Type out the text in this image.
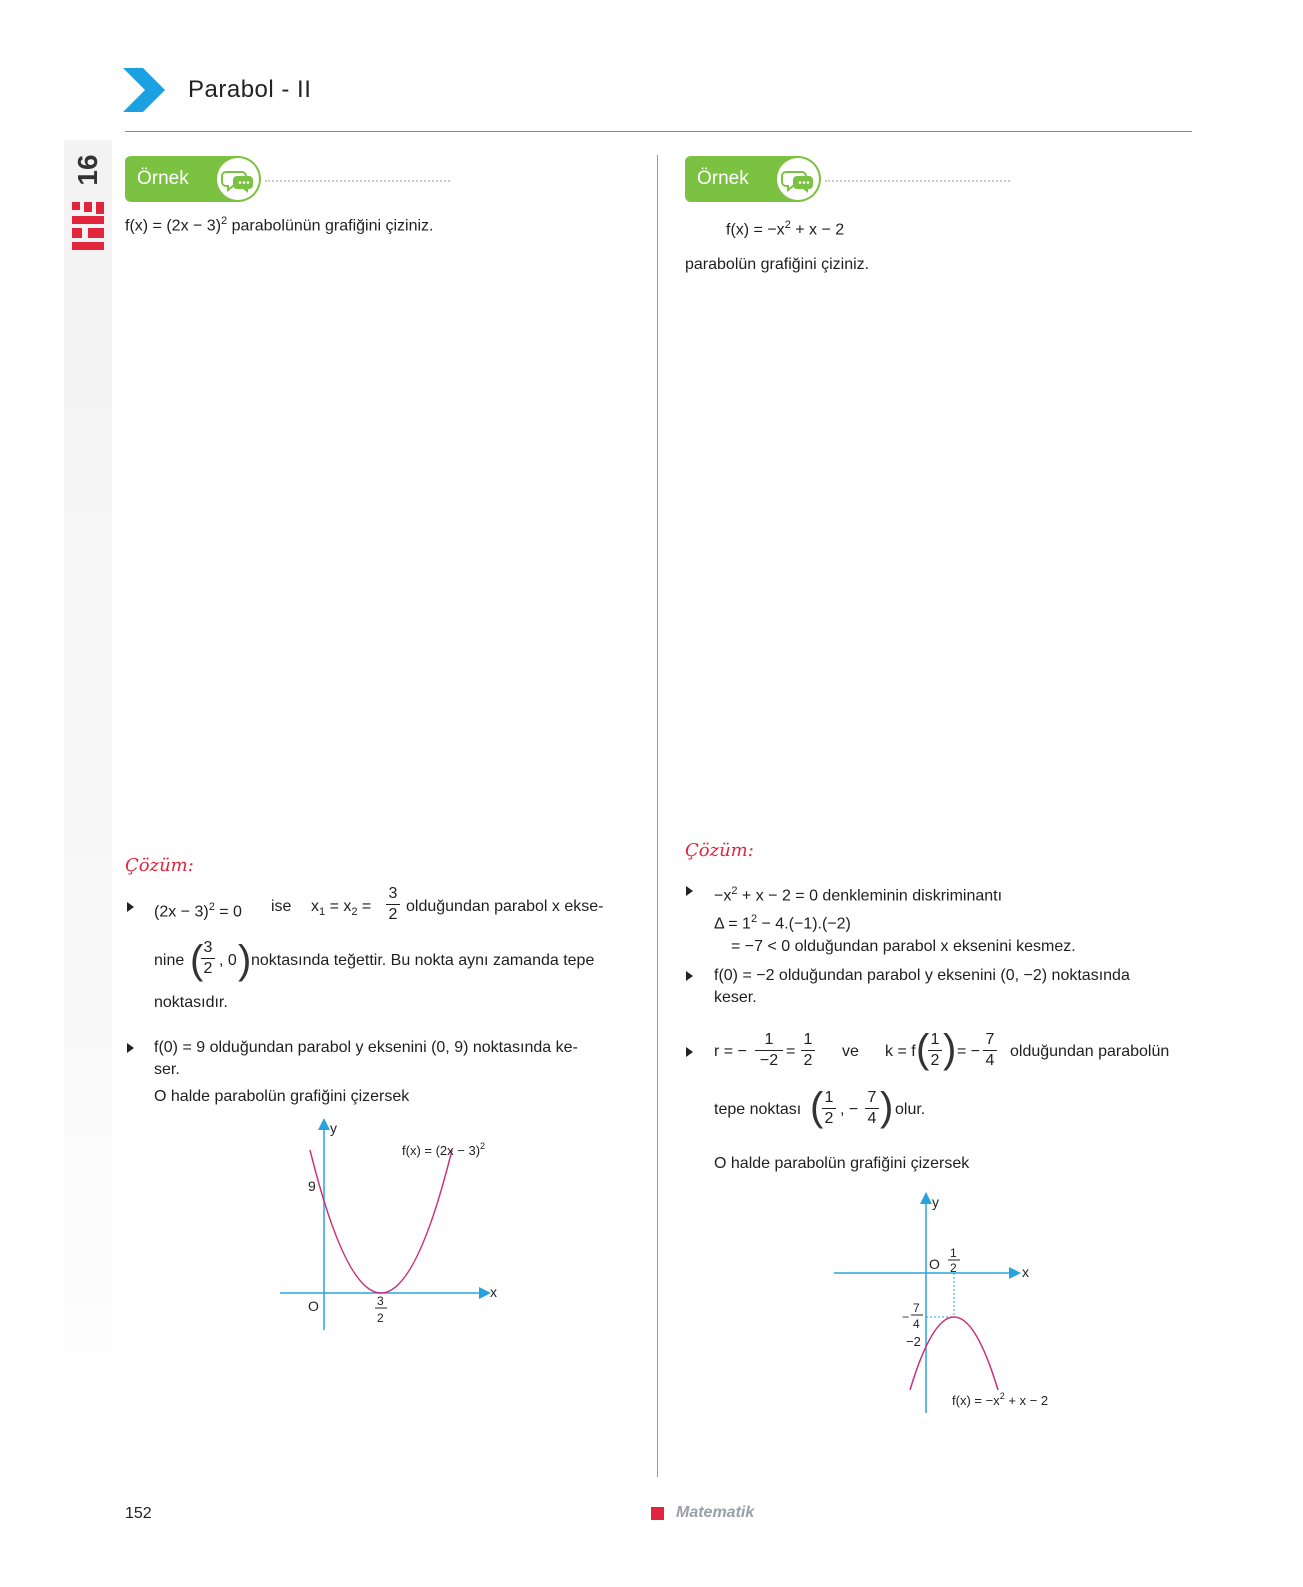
Parabol - II
16 Örnek
$f(x) = (2x - 3)^2$ parabolünün grafiğini çiziniz.
Çözüm:
$(2x - 3)^2 = 0$ ise $x_1 = x_2$ =
3
2 olduğundan parabol x ekse-
nine ( 3
2 , 0 ) noktasında teğettir. Bu nokta aynı zamanda tepe
noktasıdır.
f(0) = 9 olduğundan parabol y eksenini (0, 9) noktasında ke-
ser.
O halde parabolün grafiğini çizersek
y
x
O
9
3
2
$f(x) = (2x - 3)^2$
Örnek
$f(x) = -x^2 + x - 2$
parabolün grafiğini çiziniz.
Çözüm:
$-x^2 + x - 2 = 0$ denkleminin diskriminantı
$\Delta = 1^2 - 4.(-1).(-2)$
= −7 < 0 olduğundan parabol x eksenini kesmez.
f(0) = −2 olduğundan parabol y eksenini (0, −2) noktasında
keser.
r = −
1
−2
=
1
2
ve k = f ( 1
2 ) = −
7
4
olduğundan parabolün
tepe noktası ( 1
2
, −
7
4 ) olur.
O halde parabolün grafiğini çizersek
y
x
O
1
2
−
7
4
−2
$f(x) = -x^2 + x - 2$
152	Matematik
